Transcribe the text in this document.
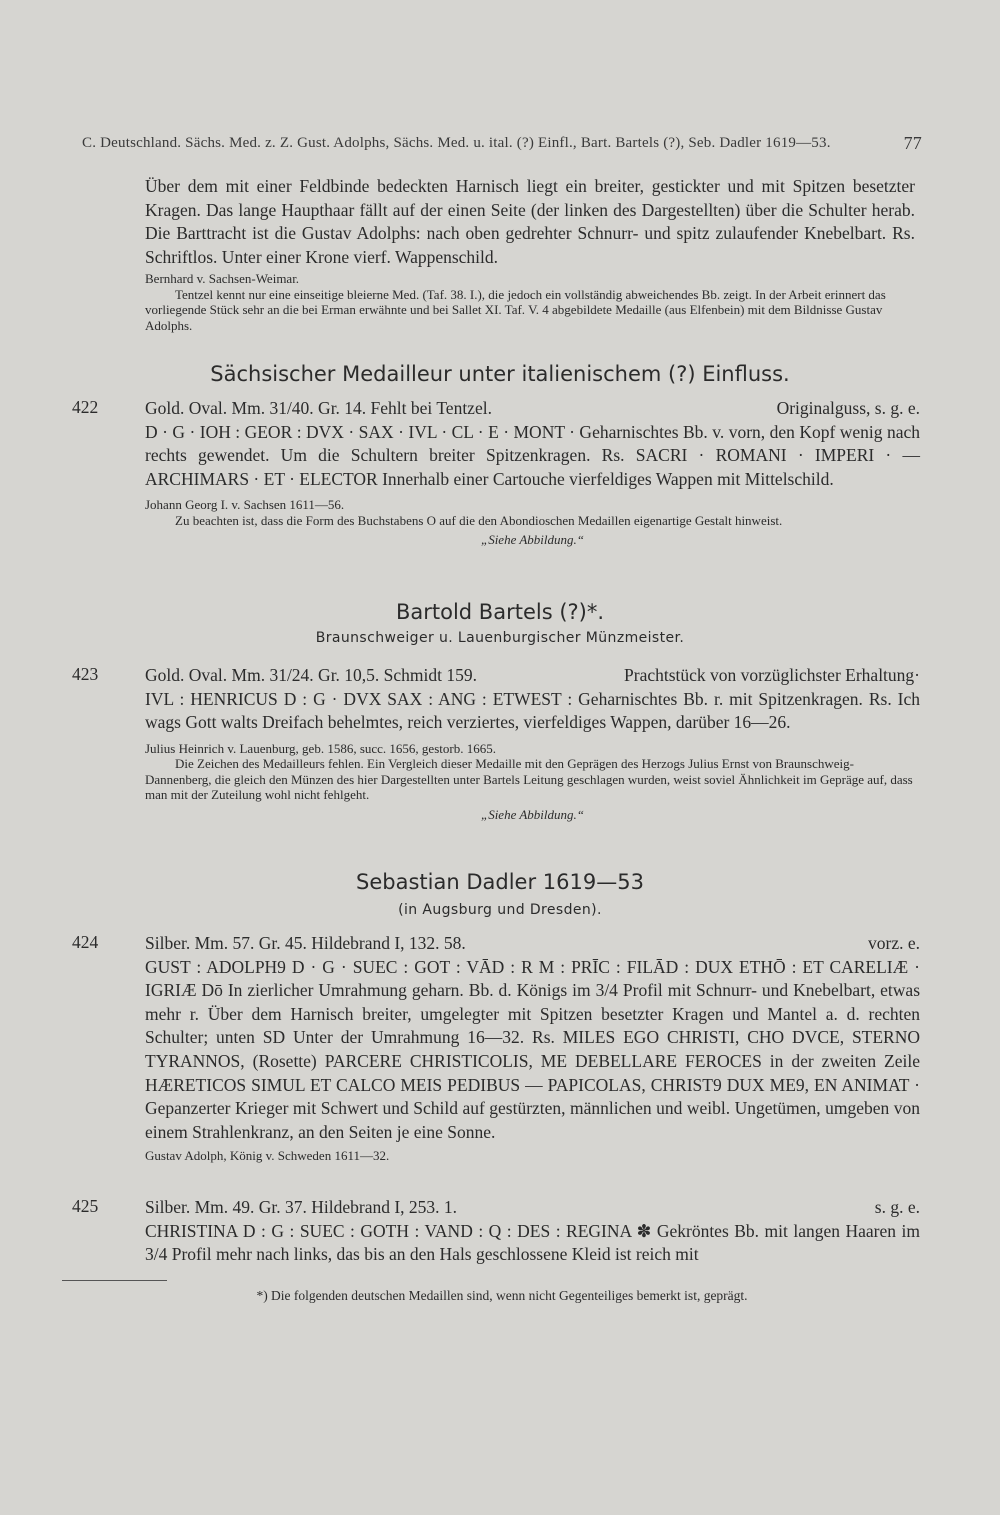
C. Deutschland. Sächs. Med. z. Z. Gust. Adolphs, Sächs. Med. u. ital. (?) Einfl., Bart. Bartels (?), Seb. Dadler 1619—53.	77

Über dem mit einer Feldbinde bedeckten Harnisch liegt ein breiter, gestickter und mit Spitzen besetzter Kragen. Das lange Haupthaar fällt auf der einen Seite (der linken des Dargestellten) über die Schulter herab. Die Barttracht ist die Gustav Adolphs: nach oben gedrehter Schnurr- und spitz zulaufender Knebelbart. Rs. Schriftlos. Unter einer Krone vierf. Wappenschild.

Bernhard v. Sachsen-Weimar.

Tentzel kennt nur eine einseitige bleierne Med. (Taf. 38. I.), die jedoch ein vollständig abweichendes Bb. zeigt. In der Arbeit erinnert das vorliegende Stück sehr an die bei Erman erwähnte und bei Sallet XI. Taf. V. 4 abgebildete Medaille (aus Elfenbein) mit dem Bildnisse Gustav Adolphs.

Sächsischer Medailleur unter italienischem (?) Einfluss.
422	Gold. Oval. Mm. 31/40. Gr. 14. Fehlt bei Tentzel.	Originalguss, s. g. e.

D · G · IOH : GEOR : DVX · SAX · IVL · CL · E · MONT · Geharnischtes Bb. v. vorn, den Kopf wenig nach rechts gewendet. Um die Schultern breiter Spitzenkragen. Rs. SACRI · ROMANI · IMPERI · — ARCHIMARS · ET · ELECTOR Innerhalb einer Cartouche vierfeldiges Wappen mit Mittelschild.

Johann Georg I. v. Sachsen 1611—56.

Zu beachten ist, dass die Form des Buchstabens O auf die den Abondioschen Medaillen eigenartige Gestalt hinweist.

„Siehe Abbildung.“
Bartold Bartels (?)*.
Braunschweiger u. Lauenburgischer Münzmeister.
423	Gold. Oval. Mm. 31/24. Gr. 10,5. Schmidt 159.	Prachtstück von vorzüglichster Erhaltung·

IVL : HENRICUS D : G · DVX SAX : ANG : ETWEST : Geharnischtes Bb. r. mit Spitzenkragen. Rs. Ich wags Gott walts Dreifach behelmtes, reich verziertes, vierfeldiges Wappen, darüber 16—26.

Julius Heinrich v. Lauenburg, geb. 1586, succ. 1656, gestorb. 1665.

Die Zeichen des Medailleurs fehlen. Ein Vergleich dieser Medaille mit den Geprägen des Herzogs Julius Ernst von Braunschweig-Dannenberg, die gleich den Münzen des hier Dargestellten unter Bartels Leitung geschlagen wurden, weist soviel Ähnlichkeit im Gepräge auf, dass man mit der Zuteilung wohl nicht fehlgeht.

„Siehe Abbildung.“
Sebastian Dadler 1619—53
(in Augsburg und Dresden).
424	Silber. Mm. 57. Gr. 45. Hildebrand I, 132. 58.	vorz. e.

GUST : ADOLPH9 D · G · SUEC : GOT : VĀD : R M : PRĪC : FILĀD : DUX ETHŌ : ET CARELIÆ · IGRIÆ Dō In zierlicher Umrahmung geharn. Bb. d. Königs im 3/4 Profil mit Schnurr- und Knebelbart, etwas mehr r. Über dem Harnisch breiter, umgelegter mit Spitzen besetzter Kragen und Mantel a. d. rechten Schulter; unten SD Unter der Umrahmung 16—32. Rs. MILES EGO CHRISTI, CHO DVCE, STERNO TYRANNOS, (Rosette) PARCERE CHRISTICOLIS, ME DEBELLARE FEROCES in der zweiten Zeile HÆRETICOS SIMUL ET CALCO MEIS PEDIBUS — PAPICOLAS, CHRIST9 DUX ME9, EN ANIMAT · Gepanzerter Krieger mit Schwert und Schild auf gestürzten, männlichen und weibl. Ungetümen, umgeben von einem Strahlenkranz, an den Seiten je eine Sonne.

Gustav Adolph, König v. Schweden 1611—32.

425	Silber. Mm. 49. Gr. 37. Hildebrand I, 253. 1.	s. g. e.

CHRISTINA D : G : SUEC : GOTH : VAND : Q : DES : REGINA ✽ Gekröntes Bb. mit langen Haaren im 3/4 Profil mehr nach links, das bis an den Hals geschlossene Kleid ist reich mit

*) Die folgenden deutschen Medaillen sind, wenn nicht Gegenteiliges bemerkt ist, geprägt.
